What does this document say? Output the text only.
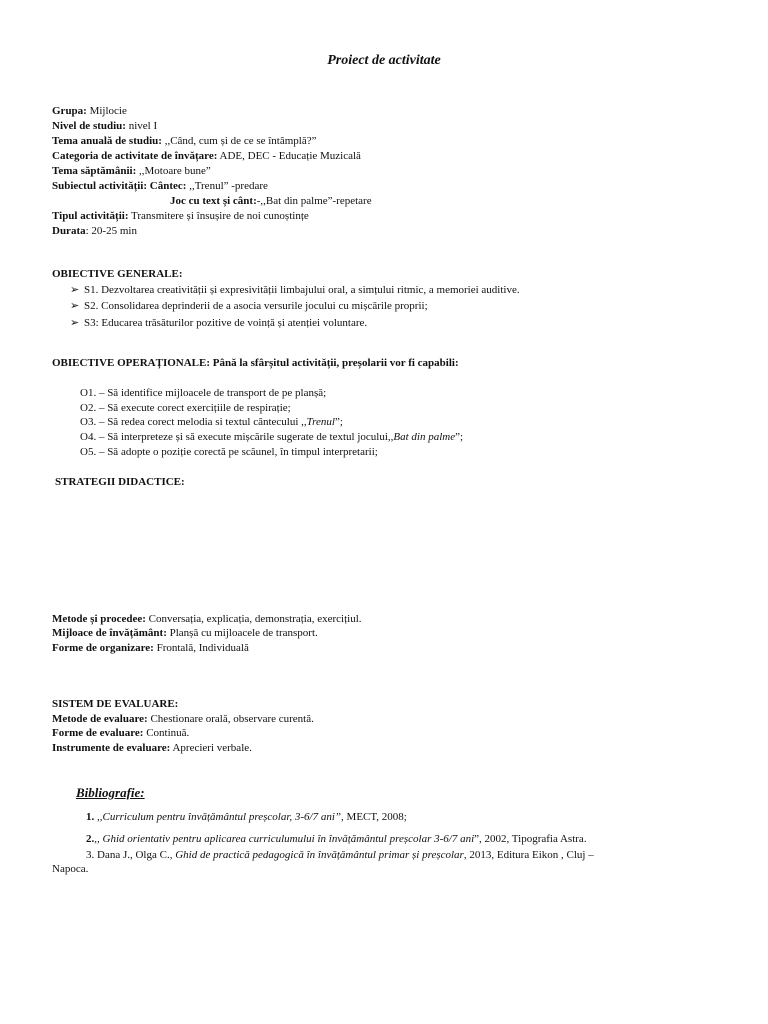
Proiect de activitate
Grupa: Mijlocie
Nivel de studiu: nivel I
Tema anuală de studiu: ,,Când, cum și de ce se întâmplă?”
Categoria de activitate de învățare: ADE, DEC - Educație Muzicală
Tema săptămânii: ,,Motoare bune”
Subiectul activității: Cântec: ,,Trenul” -predare
Joc cu text și cânt:-,,Bat din palme”-repetare
Tipul activității: Transmitere și însușire de noi cunoștințe
Durata: 20-25 min
OBIECTIVE GENERALE:
➢ S1. Dezvoltarea creativității și expresivității limbajului oral, a simțului ritmic, a memoriei auditive.
➢ S2. Consolidarea deprinderii de a asocia versurile jocului cu mișcările proprii;
➢ S3: Educarea trăsăturilor pozitive de voință și atenției voluntare.
OBIECTIVE OPERAȚIONALE: Până la sfârșitul activității, preșolarii vor fi capabili:
O1. – Să identifice mijloacele de transport de pe planșă;
O2. – Să execute corect exercițiile de respirație;
O3. – Să redea corect melodia si textul cântecului ,,Trenul”;
O4. – Să interpreteze și să execute mișcările sugerate de textul jocului,,Bat din palme”;
O5. – Să adopte o poziție corectă pe scăunel, în timpul interpretarii;
STRATEGII DIDACTICE:
Metode și procedee: Conversația, explicația, demonstrația, exercițiul.
Mijloace de învățământ: Planșă cu mijloacele de transport.
Forme de organizare: Frontală, Individuală
SISTEM DE EVALUARE:
Metode de evaluare: Chestionare orală, observare curentă.
Forme de evaluare: Continuă.
Instrumente de evaluare: Aprecieri verbale.
Bibliografie:
1. ,,Curriculum pentru învățământul preșcolar, 3-6/7 ani”, MECT, 2008;
2.,, Ghid orientativ pentru aplicarea curriculumului în învățământul preșcolar 3-6/7 ani”, 2002, Tipografia Astra.
3. Dana J., Olga C., Ghid de practică pedagogică în învățământul primar și preșcolar, 2013, Editura Eikon , Cluj –
Napoca.
